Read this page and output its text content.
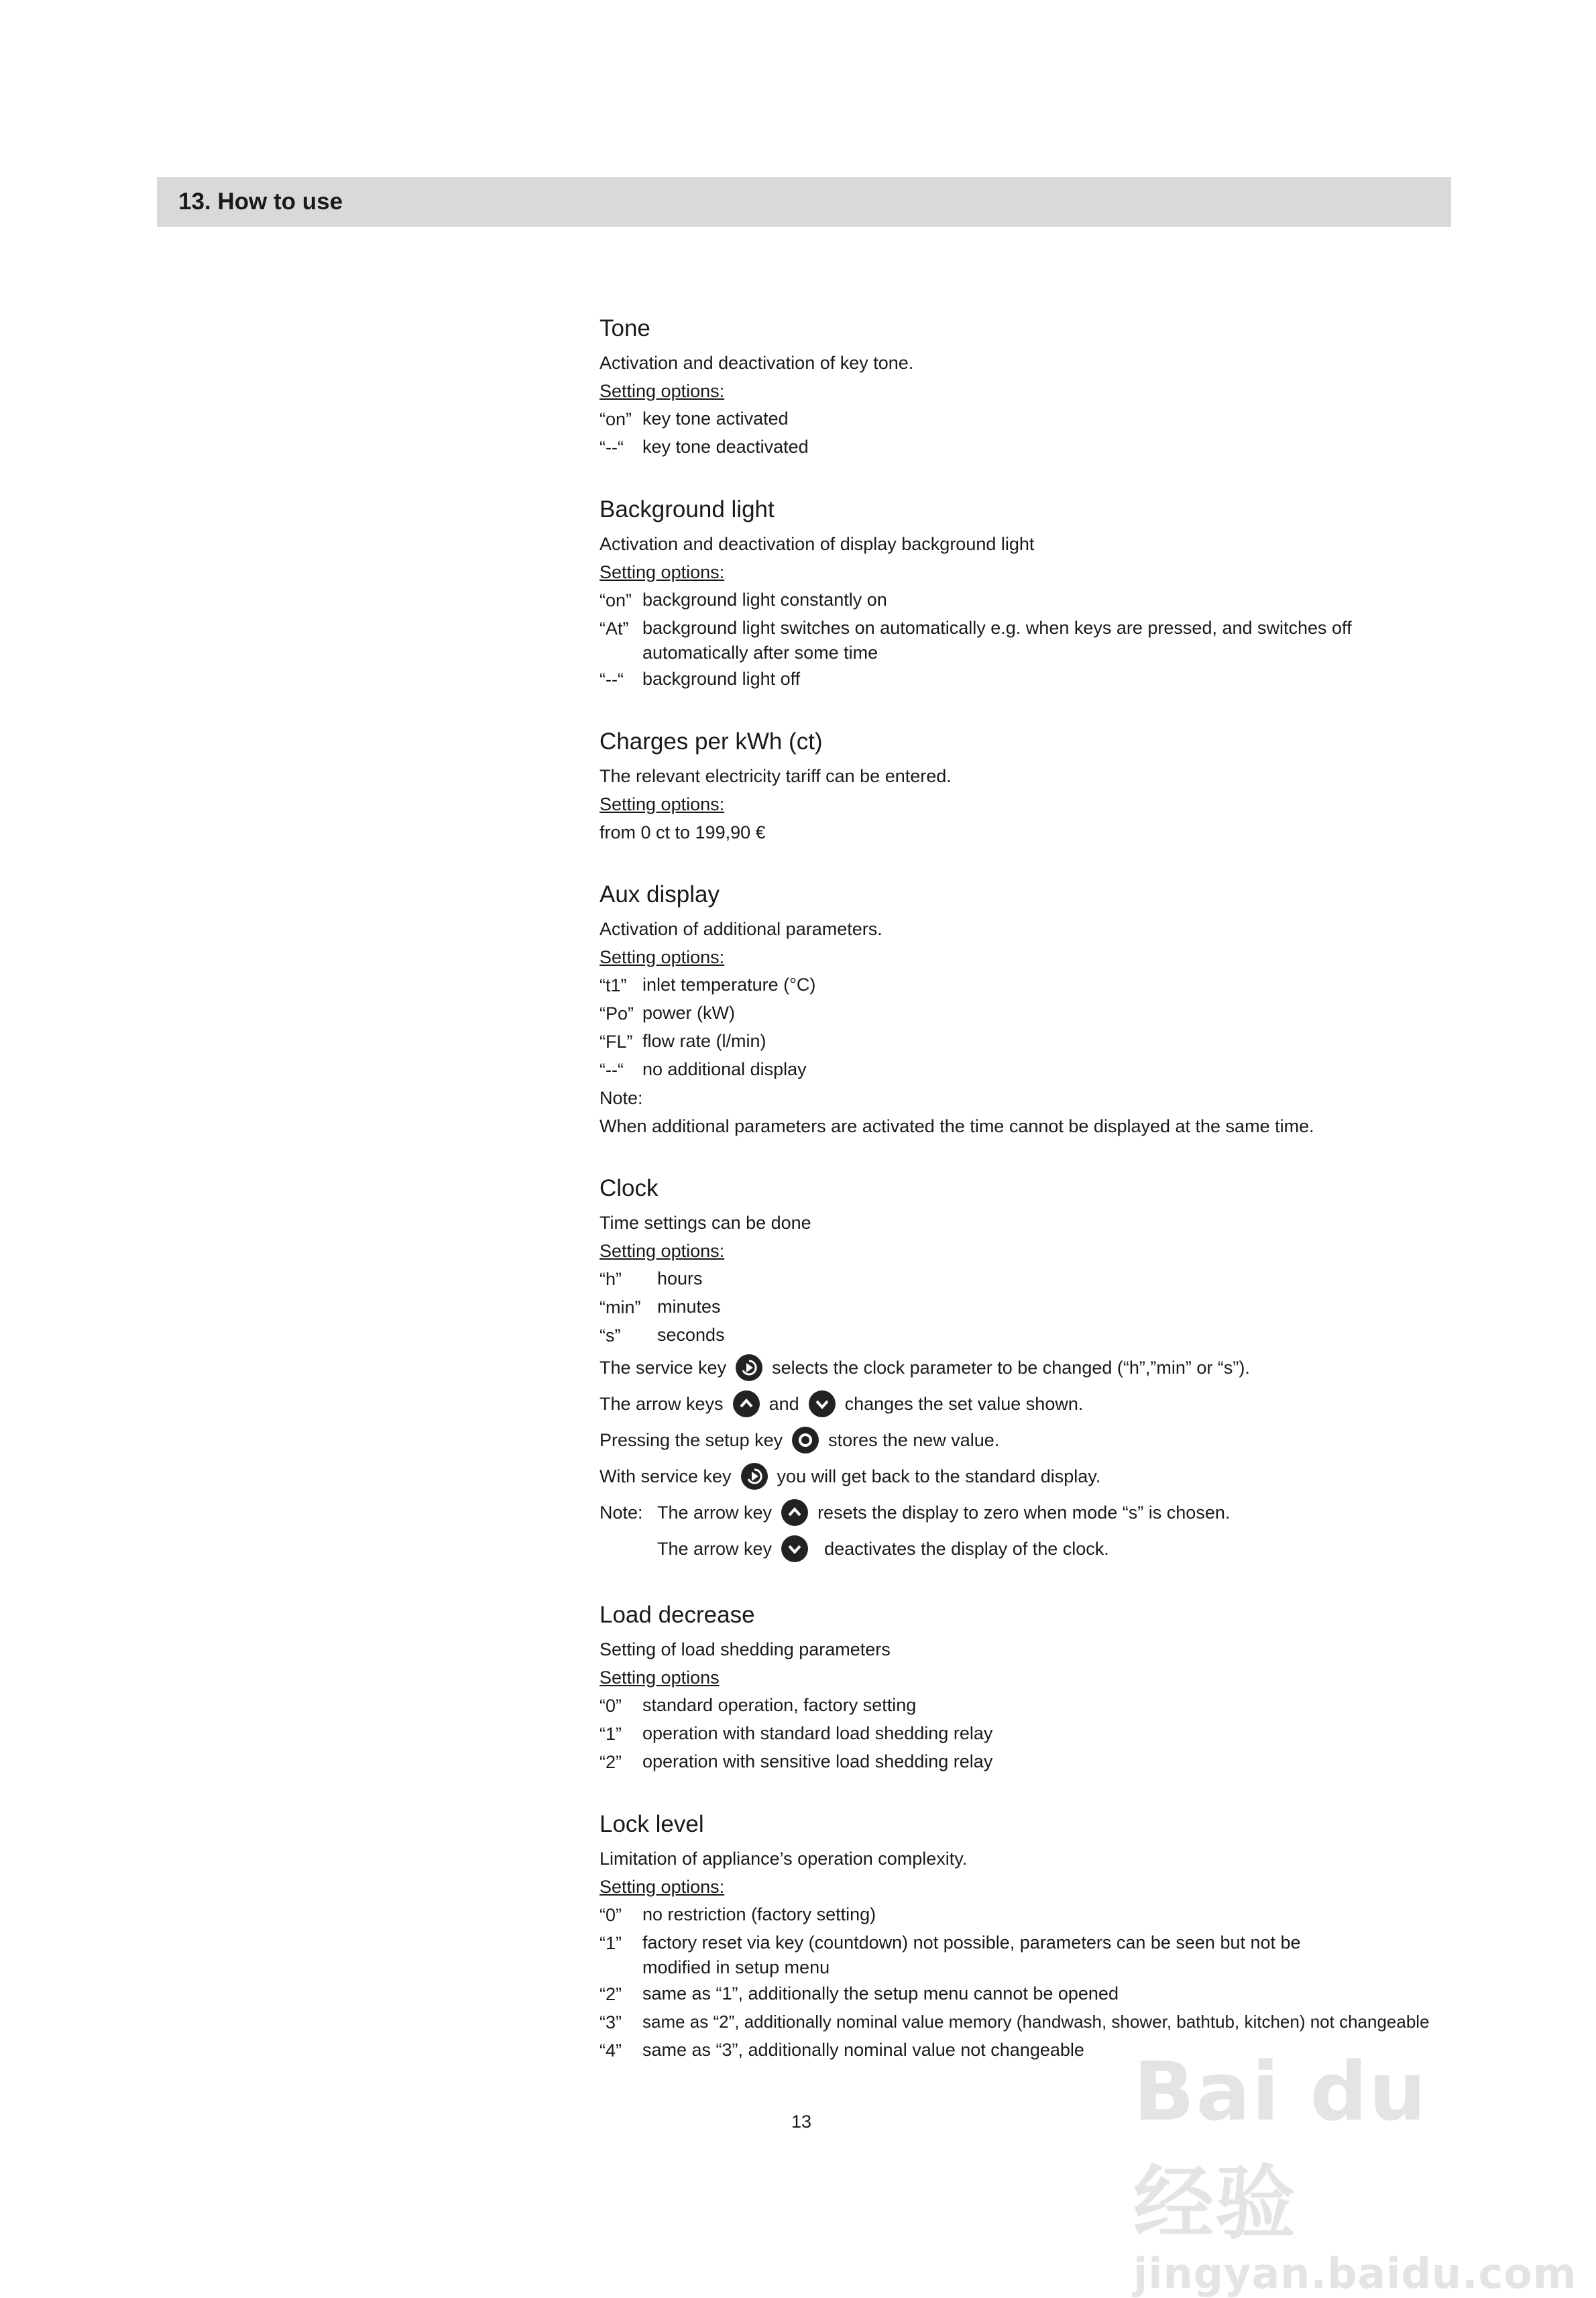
13. How to use
Tone
Activation and deactivation of key tone.
Setting options:
“on” key tone activated
“--“	key tone deactivated
Background light
Activation and deactivation of display background light
Setting options:
“on” background light constantly on
“At” background light switches on automatically e.g. when keys are pressed, and switches off automatically after some time
“--“	background light off
Charges per kWh (ct)
The relevant electricity tariff can be entered.
Setting options:
from 0 ct to 199,90 €
Aux display
Activation of additional parameters.
Setting options:
“t1” inlet temperature (°C)
“Po” power (kW)
“FL” flow rate (l/min)
“--“	no additional display
Note:
When additional parameters are activated the time cannot be displayed at the same time.
Clock
Time settings can be done
Setting options:
“h”	hours
“min” minutes
“s”	seconds
The service key	selects the clock parameter to be changed (“h”,”min” or “s”).
The arrow keys	and	changes the set value shown.
Pressing the setup key	stores the new value.
With service key	you will get back to the standard display.
Note: The arrow key	resets the display to zero when mode “s” is chosen.
The arrow key	deactivates the display of the clock.
Load decrease
Setting of load shedding parameters
Setting options
“0”	standard operation, factory setting
“1”	operation with standard load shedding relay
“2”	operation with sensitive load shedding relay
Lock level
Limitation of appliance’s operation complexity.
Setting options:
“0”	no restriction (factory setting)
“1”	factory reset via key (countdown) not possible, parameters can be seen but not be modified in setup menu
“2”	same as “1”, additionally the setup menu cannot be opened
“3”	same as “2”, additionally nominal value memory (handwash, shower, bathtub, kitchen) not changeable
“4”	same as “3”, additionally nominal value not changeable
13	Bai du 经验
jingyan.baidu.com
